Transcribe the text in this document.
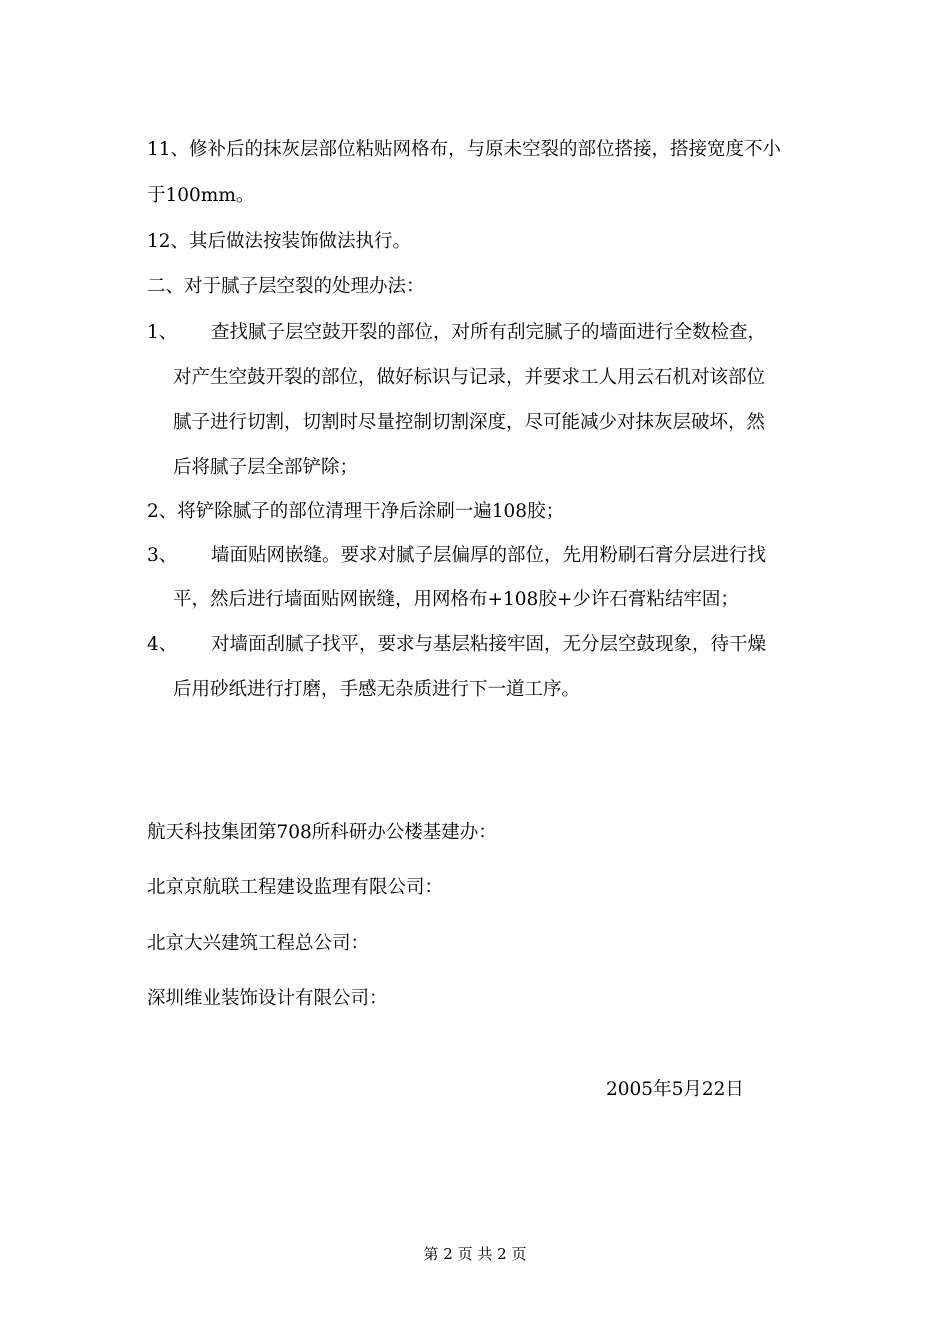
11、修补后的抹灰层部位粘贴网格布，与原未空裂的部位搭接，搭接宽度不小
于100mm。
12、其后做法按装饰做法执行。
二、对于腻子层空裂的处理办法：
1、 查找腻子层空鼓开裂的部位，对所有刮完腻子的墙面进行全数检查，
对产生空鼓开裂的部位，做好标识与记录，并要求工人用云石机对该部位
腻子进行切割，切割时尽量控制切割深度，尽可能减少对抹灰层破坏，然
后将腻子层全部铲除；
2、将铲除腻子的部位清理干净后涂刷一遍108胶；
3、 墙面贴网嵌缝。要求对腻子层偏厚的部位，先用粉刷石膏分层进行找
平，然后进行墙面贴网嵌缝，用网格布+108胶+少许石膏粘结牢固；
4、 对墙面刮腻子找平，要求与基层粘接牢固，无分层空鼓现象，待干燥
后用砂纸进行打磨，手感无杂质进行下一道工序。
航天科技集团第708所科研办公楼基建办：
北京京航联工程建设监理有限公司：
北京大兴建筑工程总公司：
深圳维业装饰设计有限公司：
2005年5月22日
第 2 页 共 2 页
